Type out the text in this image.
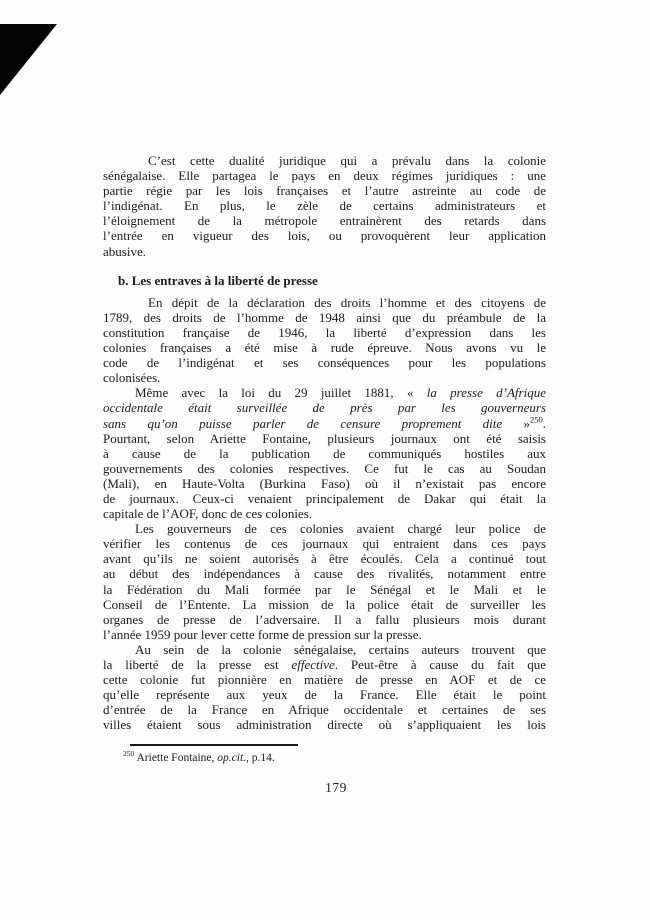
C’est cette dualité juridique qui a prévalu dans la colonie
sénégalaise. Elle partagea le pays en deux régimes juridiques : une
partie régie par les lois françaises et l’autre astreinte au code de
l’indigénat. En plus, le zèle de certains administrateurs et
l’éloignement de la métropole entrainèrent des retards dans
l’entrée en vigueur des lois, ou provoquèrent leur application
abusive.
b. Les entraves à la liberté de presse
En dépit de la déclaration des droits l’homme et des citoyens de
1789, des droits de l’homme de 1948 ainsi que du préambule de la
constitution française de 1946, la liberté d’expression dans les
colonies françaises a été mise à rude épreuve. Nous avons vu le
code de l’indigénat et ses conséquences pour les populations
colonisées.
Même avec la loi du 29 juillet 1881, « la presse d’Afrique
occidentale était surveillée de près par les gouverneurs
sans qu’on puisse parler de censure proprement dite »$^{250}$.
Pourtant, selon Ariette Fontaine, plusieurs journaux ont été saisis
à cause de la publication de communiqués hostiles aux
gouvernements des colonies respectives. Ce fut le cas au Soudan
(Mali), en Haute-Volta (Burkina Faso) où il n’existait pas encore
de journaux. Ceux-ci venaient principalement de Dakar qui était la
capitale de l’AOF, donc de ces colonies.
Les gouverneurs de ces colonies avaient chargé leur police de
vérifier les contenus de ces journaux qui entraient dans ces pays
avant qu’ils ne soient autorisés à être écoulés. Cela a continué tout
au début des indépendances à cause des rivalités, notamment entre
la Fédération du Mali formée par le Sénégal et le Mali et le
Conseil de l’Entente. La mission de la police était de surveiller les
organes de presse de l’adversaire. Il a fallu plusieurs mois durant
l’année 1959 pour lever cette forme de pression sur la presse.
Au sein de la colonie sénégalaise, certains auteurs trouvent que
la liberté de la presse est effective. Peut-être à cause du fait que
cette colonie fut pionnière en matière de presse en AOF et de ce
qu’elle représente aux yeux de la France. Elle était le point
d’entrée de la France en Afrique occidentale et certaines de ses
villes étaient sous administration directe où s’appliquaient les lois
$^{250}$ Ariette Fontaine, op.cit., p.14.
179
